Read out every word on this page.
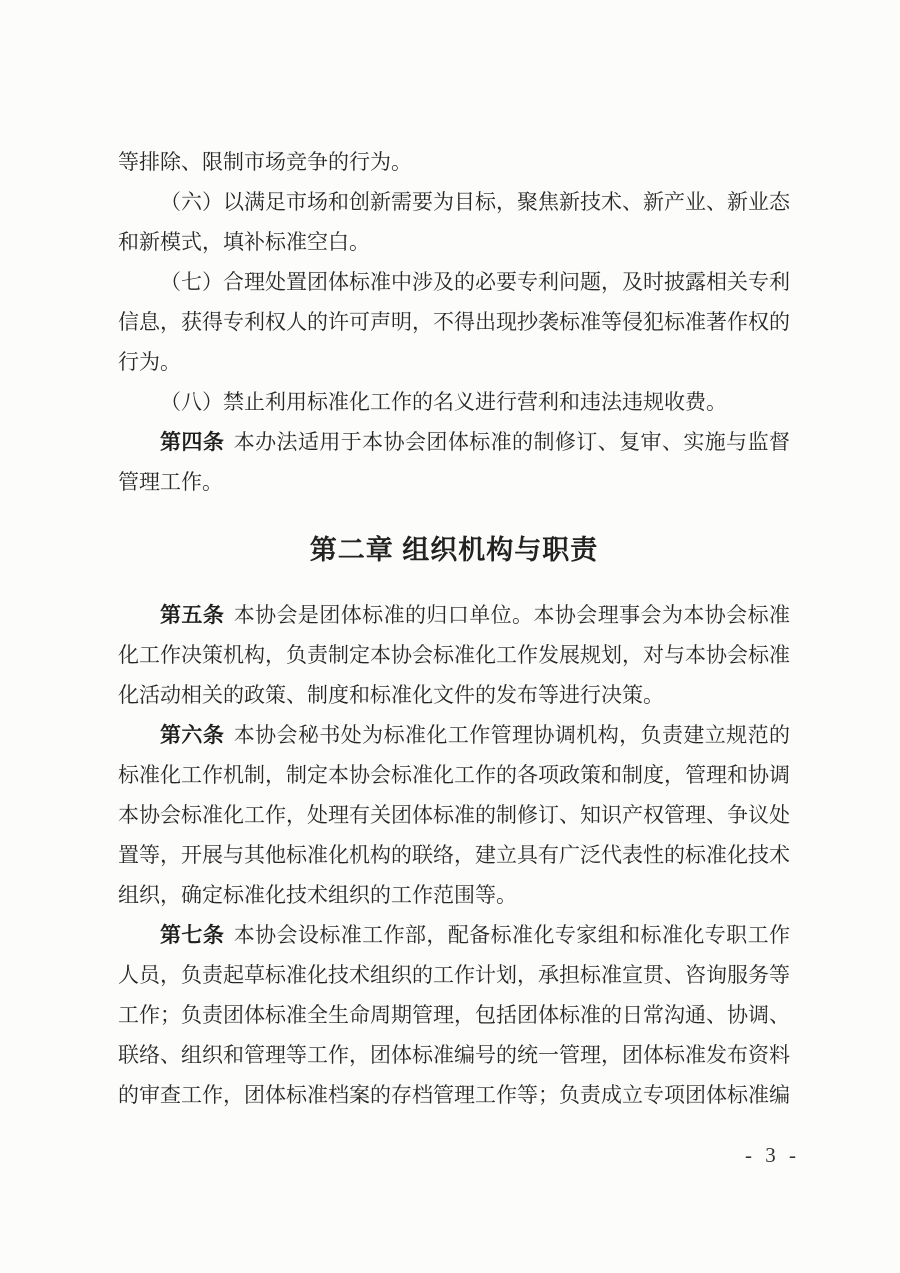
等排除、限制市场竞争的行为。

（六）以满足市场和创新需要为目标，聚焦新技术、新产业、新业态和新模式，填补标准空白。

（七）合理处置团体标准中涉及的必要专利问题，及时披露相关专利信息，获得专利权人的许可声明，不得出现抄袭标准等侵犯标准著作权的行为。

（八）禁止利用标准化工作的名义进行营利和违法违规收费。

第四条 本办法适用于本协会团体标准的制修订、复审、实施与监督管理工作。

第二章 组织机构与职责

第五条 本协会是团体标准的归口单位。本协会理事会为本协会标准化工作决策机构，负责制定本协会标准化工作发展规划，对与本协会标准化活动相关的政策、制度和标准化文件的发布等进行决策。

第六条 本协会秘书处为标准化工作管理协调机构，负责建立规范的标准化工作机制，制定本协会标准化工作的各项政策和制度，管理和协调本协会标准化工作，处理有关团体标准的制修订、知识产权管理、争议处置等，开展与其他标准化机构的联络，建立具有广泛代表性的标准化技术组织，确定标准化技术组织的工作范围等。

第七条 本协会设标准工作部，配备标准化专家组和标准化专职工作人员，负责起草标准化技术组织的工作计划，承担标准宣贯、咨询服务等工作；负责团体标准全生命周期管理，包括团体标准的日常沟通、协调、联络、组织和管理等工作，团体标准编号的统一管理，团体标准发布资料的审查工作，团体标准档案的存档管理工作等；负责成立专项团体标准编

- 3 -
